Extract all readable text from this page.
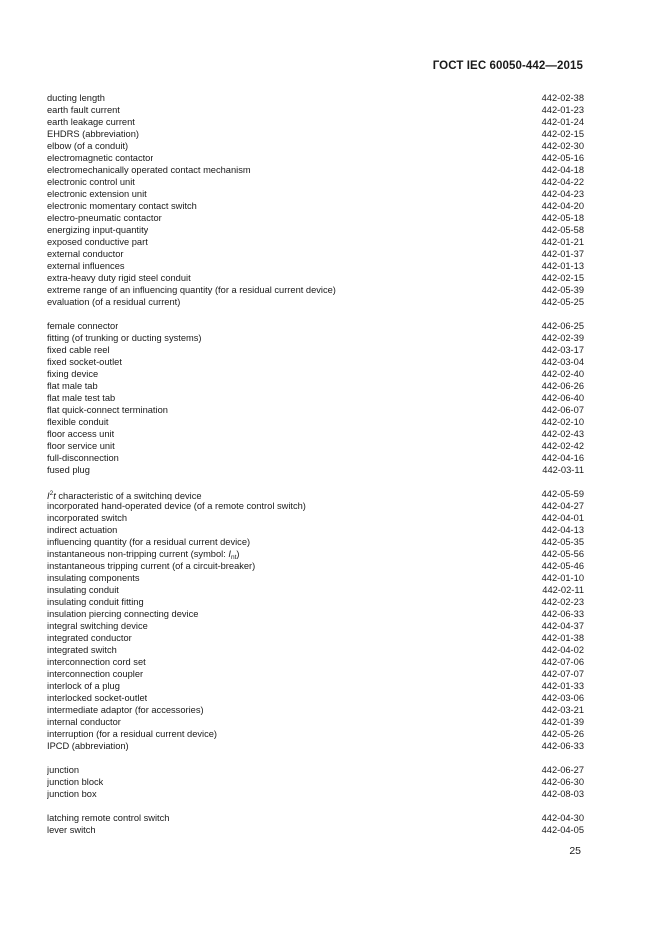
ГОСТ IEC 60050-442—2015
ducting length	442-02-38
earth fault current	442-01-23
earth leakage current	442-01-24
EHDRS (abbreviation)	442-02-15
elbow (of a conduit)	442-02-30
electromagnetic contactor	442-05-16
electromechanically operated contact mechanism	442-04-18
electronic control unit	442-04-22
electronic extension unit	442-04-23
electronic momentary contact switch	442-04-20
electro-pneumatic contactor	442-05-18
energizing input-quantity	442-05-58
exposed conductive part	442-01-21
external conductor	442-01-37
external influences	442-01-13
extra-heavy duty rigid steel conduit	442-02-15
extreme range of an influencing quantity (for a residual current device)	442-05-39
evaluation (of a residual current)	442-05-25
female connector	442-06-25
fitting (of trunking or ducting systems)	442-02-39
fixed cable reel	442-03-17
fixed socket-outlet	442-03-04
fixing device	442-02-40
flat male tab	442-06-26
flat male test tab	442-06-40
flat quick-connect termination	442-06-07
flexible conduit	442-02-10
floor access unit	442-02-43
floor service unit	442-02-42
full-disconnection	442-04-16
fused plug	442-03-11
$I^2t$ characteristic of a switching device	442-05-59
incorporated hand-operated device (of a remote control switch)	442-04-27
incorporated switch	442-04-01
indirect actuation	442-04-13
influencing quantity (for a residual current device)	442-05-35
instantaneous non-tripping current (symbol: $I_{nt}$)	442-05-56
instantaneous tripping current (of a circuit-breaker)	442-05-46
insulating components	442-01-10
insulating conduit	442-02-11
insulating conduit fitting	442-02-23
insulation piercing connecting device	442-06-33
integral switching device	442-04-37
integrated conductor	442-01-38
integrated switch	442-04-02
interconnection cord set	442-07-06
interconnection coupler	442-07-07
interlock of a plug	442-01-33
interlocked socket-outlet	442-03-06
intermediate adaptor (for accessories)	442-03-21
internal conductor	442-01-39
interruption (for a residual current device)	442-05-26
IPCD (abbreviation)	442-06-33
junction	442-06-27
junction block	442-06-30
junction box	442-08-03
latching remote control switch	442-04-30
lever switch	442-04-05
25
